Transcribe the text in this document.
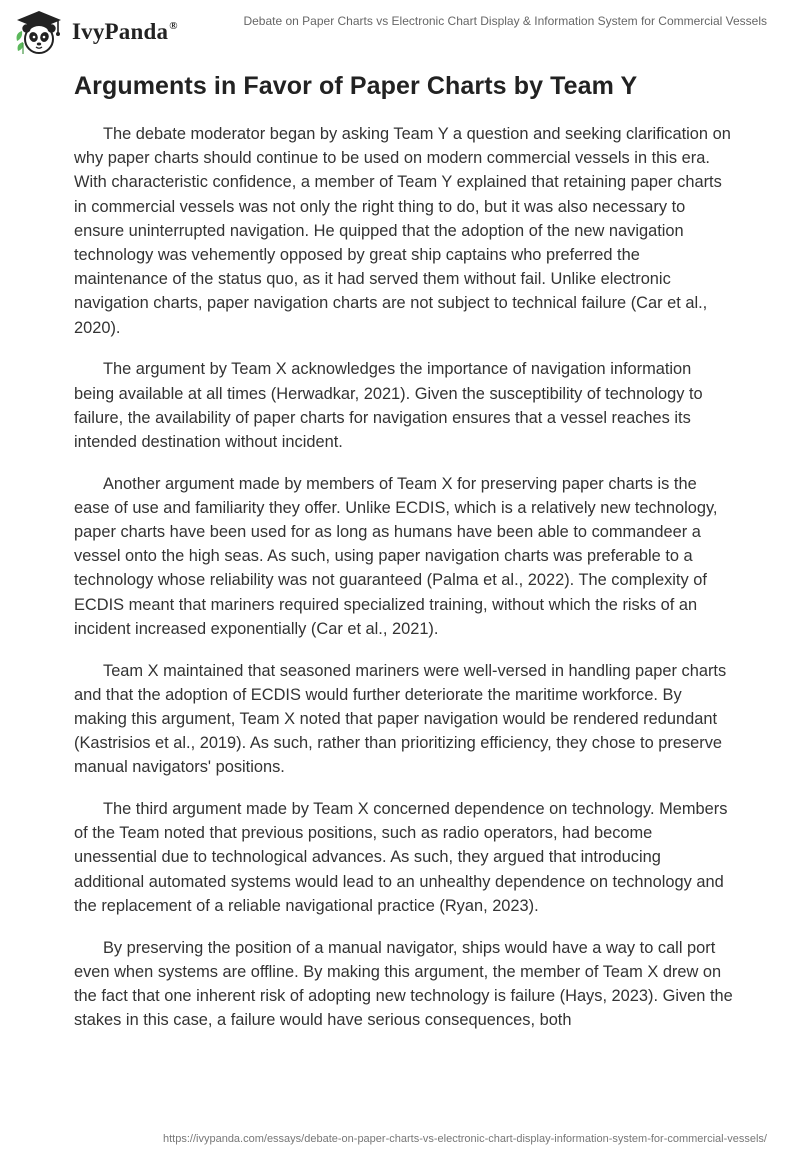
IvyPanda®	Debate on Paper Charts vs Electronic Chart Display & Information System for Commercial Vessels
Arguments in Favor of Paper Charts by Team Y

The debate moderator began by asking Team Y a question and seeking clarification on why paper charts should continue to be used on modern commercial vessels in this era. With characteristic confidence, a member of Team Y explained that retaining paper charts in commercial vessels was not only the right thing to do, but it was also necessary to ensure uninterrupted navigation. He quipped that the adoption of the new navigation technology was vehemently opposed by great ship captains who preferred the maintenance of the status quo, as it had served them without fail. Unlike electronic navigation charts, paper navigation charts are not subject to technical failure (Car et al., 2020).

The argument by Team X acknowledges the importance of navigation information being available at all times (Herwadkar, 2021). Given the susceptibility of technology to failure, the availability of paper charts for navigation ensures that a vessel reaches its intended destination without incident.

Another argument made by members of Team X for preserving paper charts is the ease of use and familiarity they offer. Unlike ECDIS, which is a relatively new technology, paper charts have been used for as long as humans have been able to commandeer a vessel onto the high seas. As such, using paper navigation charts was preferable to a technology whose reliability was not guaranteed (Palma et al., 2022). The complexity of ECDIS meant that mariners required specialized training, without which the risks of an incident increased exponentially (Car et al., 2021).

Team X maintained that seasoned mariners were well-versed in handling paper charts and that the adoption of ECDIS would further deteriorate the maritime workforce. By making this argument, Team X noted that paper navigation would be rendered redundant (Kastrisios et al., 2019). As such, rather than prioritizing efficiency, they chose to preserve manual navigators' positions.

The third argument made by Team X concerned dependence on technology. Members of the Team noted that previous positions, such as radio operators, had become unessential due to technological advances. As such, they argued that introducing additional automated systems would lead to an unhealthy dependence on technology and the replacement of a reliable navigational practice (Ryan, 2023).

By preserving the position of a manual navigator, ships would have a way to call port even when systems are offline. By making this argument, the member of Team X drew on the fact that one inherent risk of adopting new technology is failure (Hays, 2023). Given the stakes in this case, a failure would have serious consequences, both

https://ivypanda.com/essays/debate-on-paper-charts-vs-electronic-chart-display-information-system-for-commercial-vessels/
